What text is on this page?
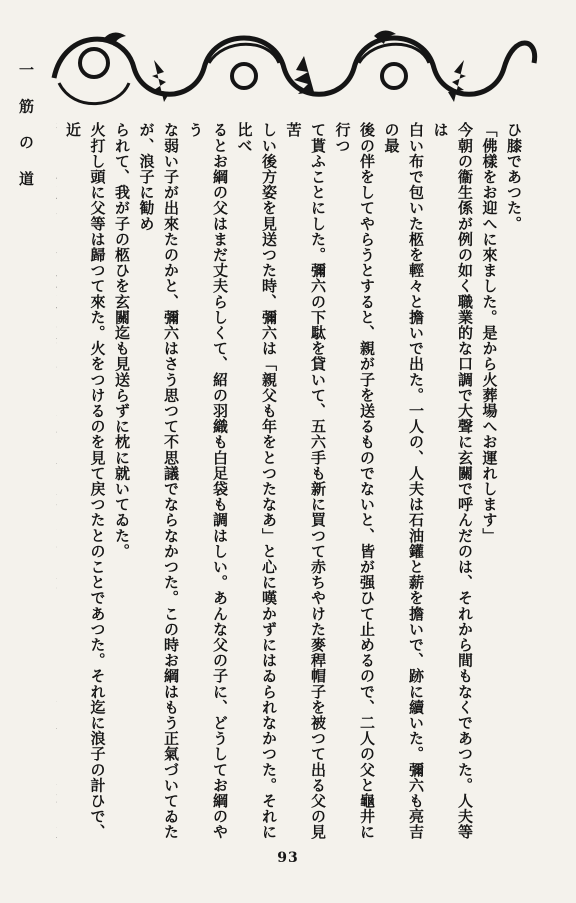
一 筋 の 道	ひ膝であつた。

「佛樣をお迎へに來ました。是から火葬場へお運れします」

今朝の衞生係が例の如く職業的な口調で大聲に玄關で呼んだのは、それから間もなくであつた。人夫等は

白い布で包いた柩を輕々と擔いで出た。一人の、人夫は石油鑵と薪を擔いで、跡に續いた。彌六も亮吉の最

後の伴をしてやらうとすると、親が子を送るものでないと、皆が强ひて止めるので、二人の父と龜井に行つ

て貰ふことにした。彌六の下駄を貸いて、五六手も新に買つて赤ちやけた麥稈帽子を被つて出る父の見苦

しい後方姿を見送つた時、彌六は「親父も年をとつたなあ」と心に嘆かずにはゐられなかつた。それに比べ

るとお綱の父はまだ丈夫らしくて、紹の羽織も白足袋も調はしい。あんな父の子に、どうしてお綱のやう

な弱い子が出來たのかと、彌六はさう思つて不思議でならなかつた。この時お綱はもう正氣づいてゐたが、浪子に勧め

られて、我が子の柩ひを玄關迄も見送らずに枕に就いてゐた。

火打し頭に父等は歸つて來た。火をつけるのを見て戻つたとのことであつた。それ迄に浪子の計ひで、近

93
